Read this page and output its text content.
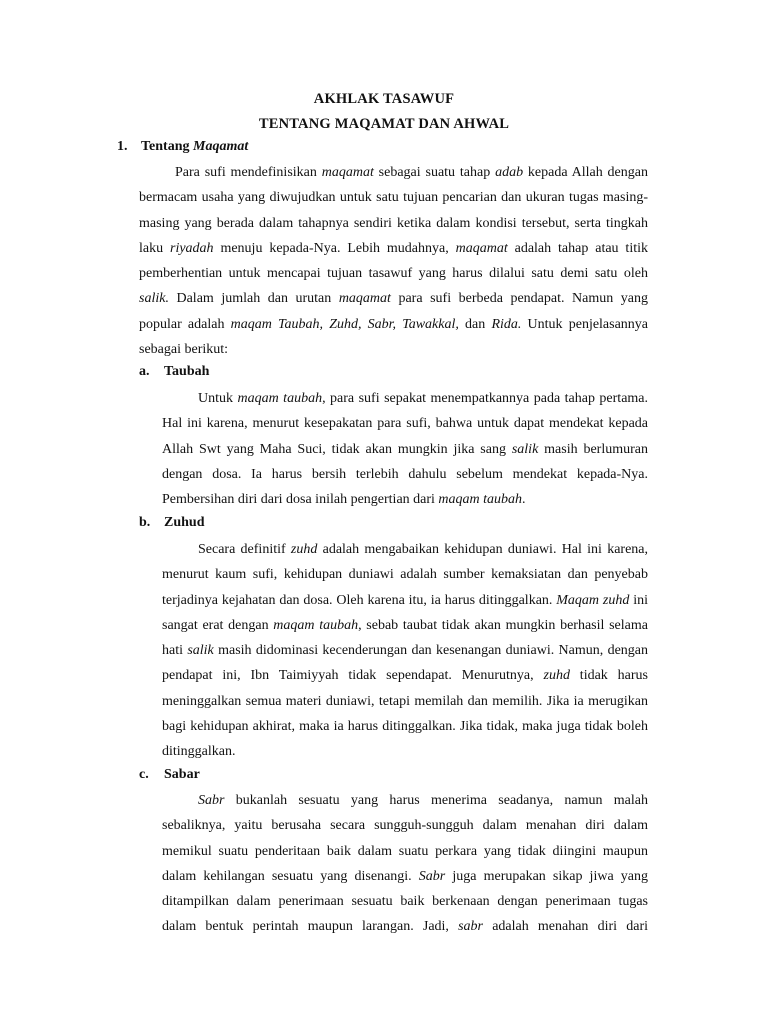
AKHLAK TASAWUF
TENTANG MAQAMAT DAN AHWAL
1. Tentang Maqamat

Para sufi mendefinisikan maqamat sebagai suatu tahap adab kepada Allah dengan bermacam usaha yang diwujudkan untuk satu tujuan pencarian dan ukuran tugas masing-masing yang berada dalam tahapnya sendiri ketika dalam kondisi tersebut, serta tingkah laku riyadah menuju kepada-Nya. Lebih mudahnya, maqamat adalah tahap atau titik pemberhentian untuk mencapai tujuan tasawuf yang harus dilalui satu demi satu oleh salik. Dalam jumlah dan urutan maqamat para sufi berbeda pendapat. Namun yang popular adalah maqam Taubah, Zuhd, Sabr, Tawakkal, dan Rida. Untuk penjelasannya sebagai berikut:

a. Taubah

Untuk maqam taubah, para sufi sepakat menempatkannya pada tahap pertama. Hal ini karena, menurut kesepakatan para sufi, bahwa untuk dapat mendekat kepada Allah Swt yang Maha Suci, tidak akan mungkin jika sang salik masih berlumuran dengan dosa. Ia harus bersih terlebih dahulu sebelum mendekat kepada-Nya. Pembersihan diri dari dosa inilah pengertian dari maqam taubah.

b. Zuhud

Secara definitif zuhd adalah mengabaikan kehidupan duniawi. Hal ini karena, menurut kaum sufi, kehidupan duniawi adalah sumber kemaksiatan dan penyebab terjadinya kejahatan dan dosa. Oleh karena itu, ia harus ditinggalkan. Maqam zuhd ini sangat erat dengan maqam taubah, sebab taubat tidak akan mungkin berhasil selama hati salik masih didominasi kecenderungan dan kesenangan duniawi. Namun, dengan pendapat ini, Ibn Taimiyyah tidak sependapat. Menurutnya, zuhd tidak harus meninggalkan semua materi duniawi, tetapi memilah dan memilih. Jika ia merugikan bagi kehidupan akhirat, maka ia harus ditinggalkan. Jika tidak, maka juga tidak boleh ditinggalkan.

c. Sabar

Sabr bukanlah sesuatu yang harus menerima seadanya, namun malah sebaliknya, yaitu berusaha secara sungguh-sungguh dalam menahan diri dalam memikul suatu penderitaan baik dalam suatu perkara yang tidak diingini maupun dalam kehilangan sesuatu yang disenangi. Sabr juga merupakan sikap jiwa yang ditampilkan dalam penerimaan sesuatu baik berkenaan dengan penerimaan tugas dalam bentuk perintah maupun larangan. Jadi, sabr adalah menahan diri dari
